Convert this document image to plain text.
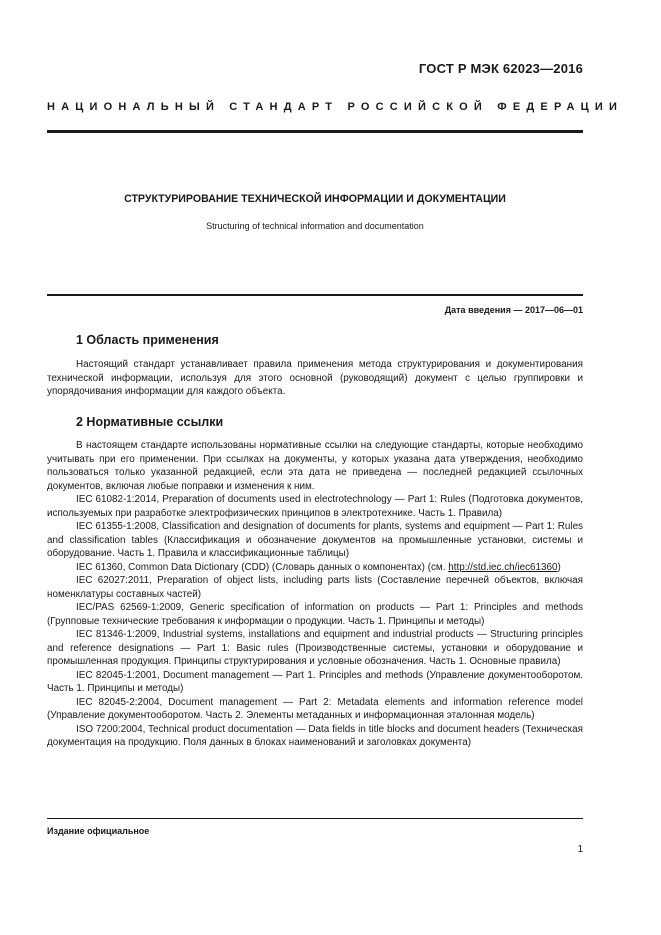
ГОСТ Р МЭК 62023—2016
НАЦИОНАЛЬНЫЙ СТАНДАРТ РОССИЙСКОЙ ФЕДЕРАЦИИ
СТРУКТУРИРОВАНИЕ ТЕХНИЧЕСКОЙ ИНФОРМАЦИИ И ДОКУМЕНТАЦИИ
Structuring of technical information and documentation
Дата введения — 2017—06—01
1 Область применения

Настоящий стандарт устанавливает правила применения метода структурирования и документирования технической информации, используя для этого основной (руководящий) документ с целью группировки и упорядочивания информации для каждого объекта.

2 Нормативные ссылки

В настоящем стандарте использованы нормативные ссылки на следующие стандарты, которые необходимо учитывать при его применении. При ссылках на документы, у которых указана дата утверждения, необходимо пользоваться только указанной редакцией, если эта дата не приведена — последней редакцией ссылочных документов, включая любые поправки и изменения к ним.

IEC 61082-1:2014, Preparation of documents used in electrotechnology — Part 1: Rules (Подготовка документов, используемых при разработке электрофизических принципов в электротехнике. Часть 1. Правила)

IEC 61355-1:2008, Classification and designation of documents for plants, systems and equipment — Part 1: Rules and classification tables (Классификация и обозначение документов на промышленные установки, системы и оборудование. Часть 1. Правила и классификационные таблицы)

IEC 61360, Common Data Dictionary (CDD) (Словарь данных о компонентах) (см. http://std.iec.ch/iec61360)

IEC 62027:2011, Preparation of object lists, including parts lists (Составление перечней объектов, включая номенклатуры составных частей)

IEC/PAS 62569-1:2009, Generic specification of information on products — Part 1: Principles and methods (Групповые технические требования к информации о продукции. Часть 1. Принципы и методы)

IEC 81346-1:2009, Industrial systems, installations and equipment and industrial products — Structuring principles and reference designations — Part 1: Basic rules (Производственные системы, установки и оборудование и промышленная продукция. Принципы структурирования и условные обозначения. Часть 1. Основные правила)

IEC 82045-1:2001, Document management — Part 1. Principles and methods (Управление документооборотом. Часть 1. Принципы и методы)

IEC 82045-2:2004, Document management — Part 2: Metadata elements and information reference model (Управление документооборотом. Часть 2. Элементы метаданных и информационная эталонная модель)

ISO 7200:2004, Technical product documentation — Data fields in title blocks and document headers (Техническая документация на продукцию. Поля данных в блоках наименований и заголовках документа)

Издание официальное
1
